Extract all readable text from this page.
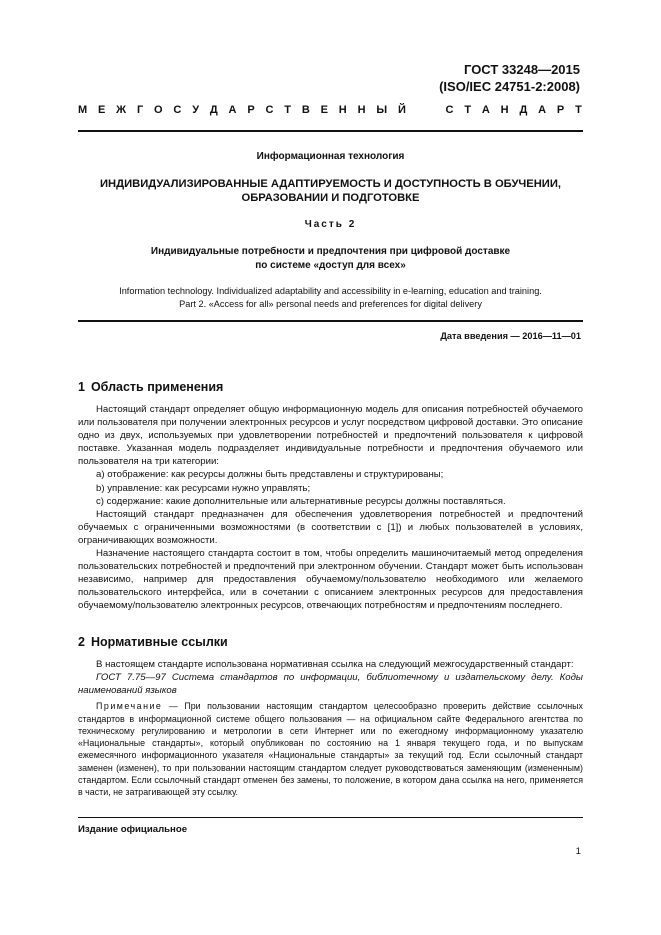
ГОСТ 33248—2015
(ISO/IEC 24751-2:2008)
М Е Ж Г О С У Д А Р С Т В Е Н Н Ы Й	С Т А Н Д А Р Т
Информационная технология
ИНДИВИДУАЛИЗИРОВАННЫЕ АДАПТИРУЕМОСТЬ И ДОСТУПНОСТЬ В ОБУЧЕНИИ,
ОБРАЗОВАНИИ И ПОДГОТОВКЕ
Часть 2
Индивидуальные потребности и предпочтения при цифровой доставке
по системе «доступ для всех»
Information technology. Individualized adaptability and accessibility in e-learning, education and training.
Part 2. «Access for all» personal needs and preferences for digital delivery
Дата введения — 2016—11—01
1 Область применения

Настоящий стандарт определяет общую информационную модель для описания потребностей обучаемого или пользователя при получении электронных ресурсов и услуг посредством цифровой доставки. Это описание одно из двух, используемых при удовлетворении потребностей и предпочтений пользователя к цифровой поставке. Указанная модель подразделяет индивидуальные потребности и предпочтения обучаемого или пользователя на три категории:

a) отображение: как ресурсы должны быть представлены и структурированы;

b) управление: как ресурсами нужно управлять;

c) содержание: какие дополнительные или альтернативные ресурсы должны поставляться.

Настоящий стандарт предназначен для обеспечения удовлетворения потребностей и предпочтений обучаемых с ограниченными возможностями (в соответствии с [1]) и любых пользователей в условиях, ограничивающих возможности.

Назначение настоящего стандарта состоит в том, чтобы определить машиночитаемый метод определения пользовательских потребностей и предпочтений при электронном обучении. Стандарт может быть использован независимо, например для предоставления обучаемому/пользователю необходимого или желаемого пользовательского интерфейса, или в сочетании с описанием электронных ресурсов для предоставления обучаемому/пользователю электронных ресурсов, отвечающих потребностям и предпочтениям последнего.

2 Нормативные ссылки

В настоящем стандарте использована нормативная ссылка на следующий межгосударственный стандарт:

ГОСТ 7.75—97 Система стандартов по информации, библиотечному и издательскому делу. Коды наименований языков

Примечание — При пользовании настоящим стандартом целесообразно проверить действие ссылочных стандартов в информационной системе общего пользования — на официальном сайте Федерального агентства по техническому регулированию и метрологии в сети Интернет или по ежегодному информационному указателю «Национальные стандарты», который опубликован по состоянию на 1 января текущего года, и по выпускам ежемесячного информационного указателя «Национальные стандарты» за текущий год. Если ссылочный стандарт заменен (изменен), то при пользовании настоящим стандартом следует руководствоваться заменяющим (измененным) стандартом. Если ссылочный стандарт отменен без замены, то положение, в котором дана ссылка на него, применяется в части, не затрагивающей эту ссылку.

Издание официальное
1
